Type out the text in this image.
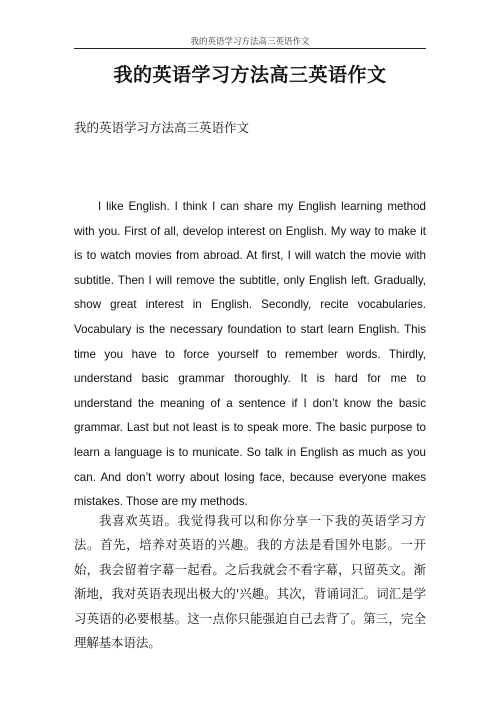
我的英语学习方法高三英语作文
我的英语学习方法高三英语作文

我的英语学习方法高三英语作文

I like English. I think I can share my English learning method with you. First of all, develop interest on English. My way to make it is to watch movies from abroad. At first, I will watch the movie with subtitle. Then I will remove the subtitle, only English left. Gradually, show great interest in English. Secondly, recite vocabularies. Vocabulary is the necessary foundation to start learn English. This time you have to force yourself to remember words. Thirdly, understand basic grammar thoroughly. It is hard for me to understand the meaning of a sentence if I don’t know the basic grammar. Last but not least is to speak more. The basic purpose to learn a language is to municate. So talk in English as much as you can. And don’t worry about losing face, because everyone makes mistakes. Those are my methods.

我喜欢英语。我觉得我可以和你分享一下我的英语学习方法。首先，培养对英语的兴趣。我的方法是看国外电影。一开始，我会留着字幕一起看。之后我就会不看字幕，只留英文。渐渐地，我对英语表现出极大的'兴趣。其次，背诵词汇。词汇是学习英语的必要根基。这一点你只能强迫自己去背了。第三，完全理解基本语法。
